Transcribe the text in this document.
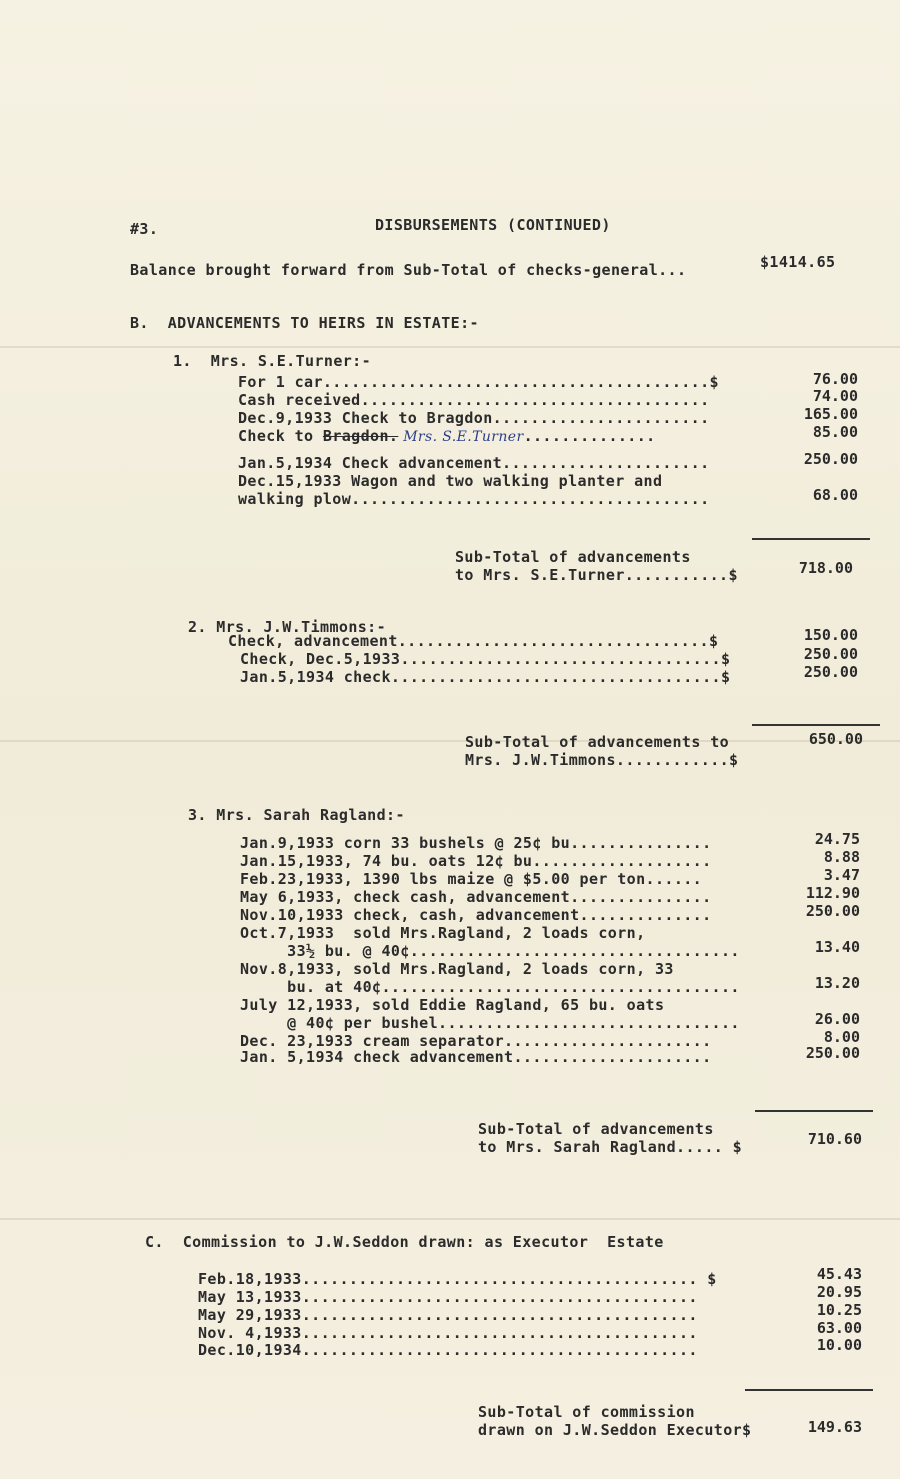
#3.	DISBURSEMENTS (CONTINUED)
Balance brought forward from Sub-Total of checks-general...	$1414.65
B.  ADVANCEMENTS TO HEIRS IN ESTATE:-
1.  Mrs. S.E.Turner:-
For 1 car.........................................$	76.00
Cash received.....................................	74.00
Dec.9,1933 Check to Bragdon.......................	165.00
Check to Bragdon. Mrs. S.E.Turner..............	85.00
Jan.5,1934 Check advancement......................	250.00
Dec.15,1933 Wagon and two walking planter and
walking plow......................................	68.00
Sub-Total of advancements
to Mrs. S.E.Turner...........$	718.00
2. Mrs. J.W.Timmons:-
Check, advancement.................................$	150.00
Check, Dec.5,1933..................................$	250.00
Jan.5,1934 check...................................$	250.00
Sub-Total of advancements to
Mrs. J.W.Timmons............$
650.00
3. Mrs. Sarah Ragland:-
Jan.9,1933 corn 33 bushels @ 25¢ bu...............	24.75
Jan.15,1933, 74 bu. oats 12¢ bu...................	8.88
Feb.23,1933, 1390 lbs maize @ $5.00 per ton......	3.47
May 6,1933, check cash, advancement...............	112.90
Nov.10,1933 check, cash, advancement..............	250.00
Oct.7,1933  sold Mrs.Ragland, 2 loads corn,
33½ bu. @ 40¢...................................	13.40
Nov.8,1933, sold Mrs.Ragland, 2 loads corn, 33
bu. at 40¢......................................	13.20
July 12,1933, sold Eddie Ragland, 65 bu. oats
@ 40¢ per bushel................................	26.00
Dec. 23,1933 cream separator......................	8.00
Jan. 5,1934 check advancement.....................	250.00
Sub-Total of advancements
to Mrs. Sarah Ragland..... $	710.60
C.  Commission to J.W.Seddon drawn: as Executor  Estate
Feb.18,1933.......................................... $	45.43
May 13,1933..........................................	20.95
May 29,1933..........................................	10.25
Nov. 4,1933..........................................	63.00
Dec.10,1934..........................................	10.00
Sub-Total of commission
drawn on J.W.Seddon Executor$	149.63
